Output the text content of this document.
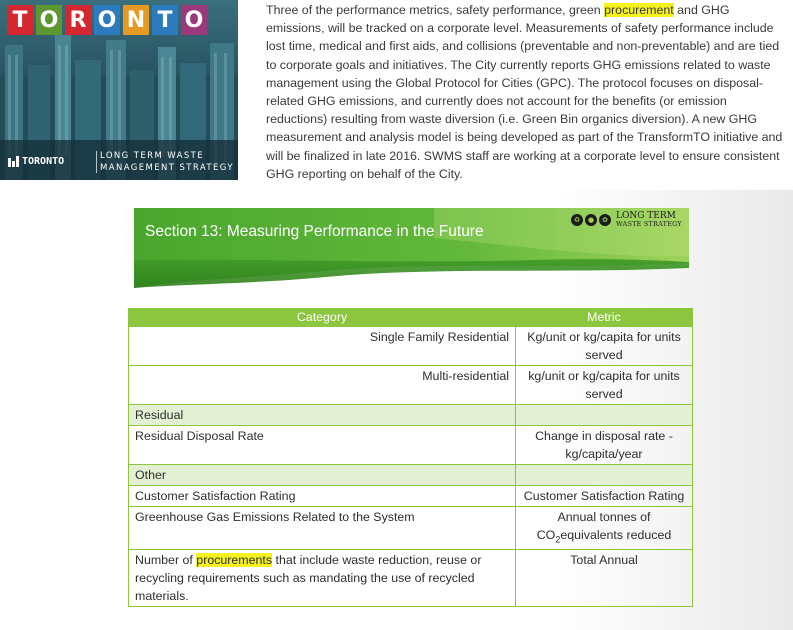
T O R O N T O
TORONTO	LONG TERM WASTE
MANAGEMENT STRATEGY
Three of the performance metrics, safety performance, green procurement and GHG emissions, will be tracked on a corporate level. Measurements of safety performance include lost time, medical and first aids, and collisions (preventable and non-preventable) and are tied to corporate goals and initiatives. The City currently reports GHG emissions related to waste management using the Global Protocol for Cities (GPC). The protocol focuses on disposal-related GHG emissions, and currently does not account for the benefits (or emission reductions) resulting from waste diversion (i.e. Green Bin organics diversion). A new GHG measurement and analysis model is being developed as part of the TransformTO initiative and will be finalized in late 2016. SWMS staff are working at a corporate level to ensure consistent GHG reporting on behalf of the City.
Section 13: Measuring Performance in the Future
♻	●	✿ LONG TERM
WASTE STRATEGY
Category	Metric
Single Family Residential	Kg/unit or kg/capita for units served
Multi-residential	kg/unit or kg/capita for units served
Residual	
Residual Disposal Rate	Change in disposal rate - kg/capita/year
Other	
Customer Satisfaction Rating	Customer Satisfaction Rating
Greenhouse Gas Emissions Related to the System	Annual tonnes of $CO_2equivalents$ reduced
Number of procurements that include waste reduction, reuse or recycling requirements such as mandating the use of recycled materials.	Total Annual
